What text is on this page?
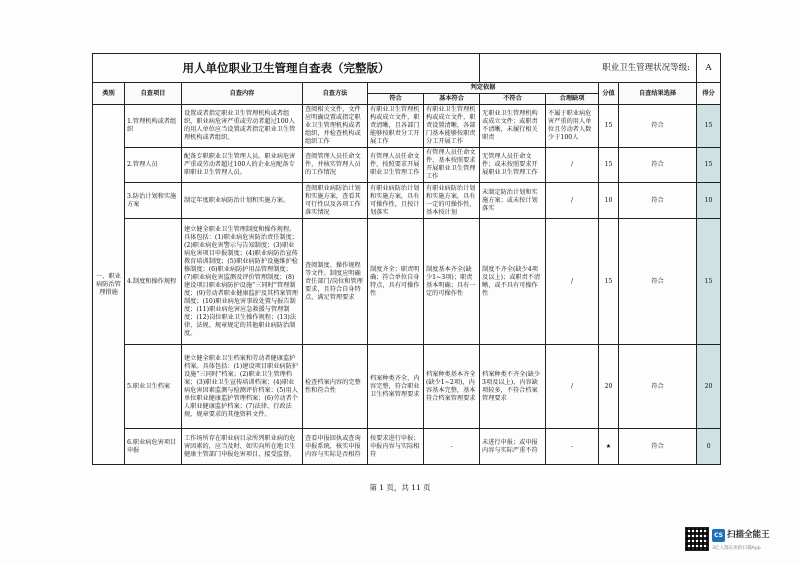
用人单位职业卫生管理自查表（完整版）						职业卫生管理状况等级:				A
类别	自查项目	自查内容	自查方法	判定依据				分值	自查结果选择	得分
				符合	基本符合	不符合	合理缺项			
一、职业病防治管理措施	1.管理机构或者组织	设置或者指定职业卫生管理机构或者组织，职业病危害严重或劳动者超过100人的用人单位应当设置或者指定职业卫生管理机构或者组织。	查阅相关文件，文件应明确设置或指定职业卫生管理机构或者组织，并检查机构或组织工作	有职业卫生管理机构或成立文件，职责清晰，且各部门能够按职责分工开展工作	有职业卫生管理机构或成立文件，职责设置清晰，各部门基本能够按职责分工开展工作	无职业卫生管理机构或成立文件；或职责不清晰，未履行相关职责	不属于职业病危害严重的用人单位且劳动者人数少于100人	15	符合	15
	2.管理人员	配备专职职业卫生管理人员。职业病危害严重或劳动者超过100人的企业应配备专职职业卫生管理人员。	查阅管理人员任命文件，并核实管理人员的工作情况	有管理人员任命文件，按照要求开展职业卫生管理工作	有管理人员任命文件，基本按照要求开展职业卫生管理工作	无管理人员任命文件；或未按照要求开展职业卫生管理工作	/	15	符合	15
	3.防治计划和实施方案	制定年度职业病防治计划和实施方案。	查阅职业病防治计划和实施方案，查看其可行性以及各项工作落实情况	有职业病防治计划和实施方案，具有可操作性，且按计划落实	有职业病防治计划和实施方案，具有一定的可操作性，基本按计划	未制定防治计划和实施方案；或未按计划落实	/	10	符合	10
	4.制度和操作规程	建立健全职业卫生管理制度和操作规程。具体包括：(1)职业病危害防治责任制度；(2)职业病危害警示与告知制度；(3)职业病危害项目申报制度；(4)职业病防治宣传教育培训制度；(5)职业病防护设施维护检修制度；(6)职业病防护用品管理制度；(7)职业病危害监测及评价管理制度；(8)建设项目职业病防护设施“三同时”管理制度；(9)劳动者职业健康监护及其档案管理制度；(10)职业病危害事故处置与报告制度；(11)职业病危害应急救援与管理制度；(12)岗位职业卫生操作规程；(13)法律、法规、规章规定的其他职业病防治制度。	查阅制度、操作规程等文件。制度应明确责任部门/岗位和管理要求，且符合自身特点，满足管理要求	制度齐全；职责明确；符合单位自身特点，具有可操作性	制度基本齐全(缺少1~3项)；职责基本明确；具有一定的可操作性	制度不齐全(缺少4项及以上)；或职责不清晰，或不具有可操作性	/	15	符合	15
	5.职业卫生档案	建立健全职业卫生档案和劳动者健康监护档案。具体包括：(1)建设项目职业病防护设施“三同时”档案；(2)职业卫生管理档案；(3)职业卫生宣传培训档案；(4)职业病危害因素监测与检测评价档案；(5)用人单位职业健康监护管理档案；(6)劳动者个人职业健康监护档案；(7)法律、行政法规、规章要求的其他资料文件。	检查档案内容的完整性和符合性	档案种类齐全，内容完整，符合职业卫生档案管理要求	档案种类基本齐全(缺少1~2项)，内容基本完整，基本符合档案管理要求	档案种类不齐全(缺少3项及以上)，内容缺项较多，不符合档案管理要求	/	20	符合	20
	6.职业病危害项目申报	工作场所存在职业病目录所列职业病的危害因素的，应当及时、如实向所在地卫生健康主管部门申报危害项目，接受监督。	查看申报回执或查询申报系统，核实申报内容与实际是否相符	按要求进行申报；申报内容与实际相符	-	未进行申报；或申报内容与实际严重不符	-	★	符合	0
第 1 页，共 11 页
CS 扫描全能王
3亿人都在用的扫描App
